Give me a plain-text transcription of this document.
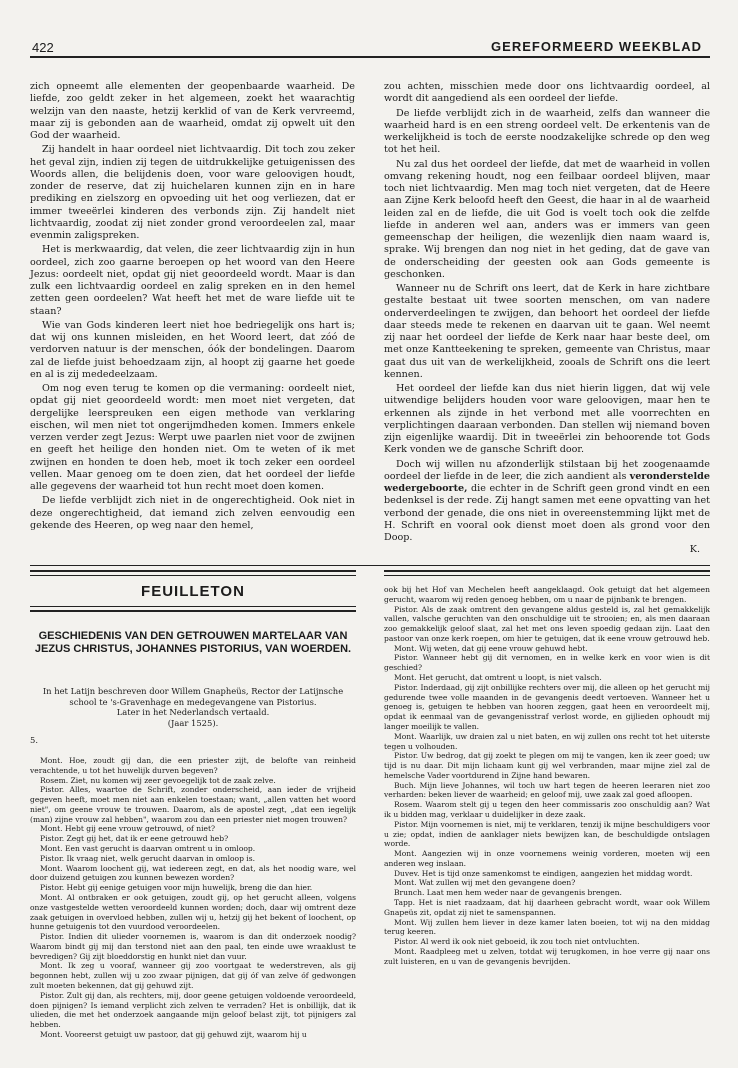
422	GEREFORMEERD WEEKBLAD

zich opneemt alle elementen der geopenbaarde waarheid. De liefde, zoo geldt zeker in het algemeen, zoekt het waarachtig welzijn van den naaste, hetzij kerklid of van de Kerk vervreemd, maar zij is gebonden aan de waarheid, omdat zij opwelt uit den God der waarheid.

Zij handelt in haar oordeel niet lichtvaardig. Dit toch zou zeker het geval zijn, indien zij tegen de uitdrukkelijke getuigenissen des Woords allen, die belijdenis doen, voor ware geloovigen houdt, zonder de reserve, dat zij huichelaren kunnen zijn en in hare prediking en zielszorg en opvoeding uit het oog verliezen, dat er immer tweeërlei kinderen des verbonds zijn. Zij handelt niet lichtvaardig, zoodat zij niet zonder grond veroordeelen zal, maar evenmin zaligspreken.

Het is merkwaardig, dat velen, die zeer lichtvaardig zijn in hun oordeel, zich zoo gaarne beroepen op het woord van den Heere Jezus: oordeelt niet, opdat gij niet geoordeeld wordt. Maar is dan zulk een lichtvaardig oordeel en zalig spreken en in den hemel zetten geen oordeelen? Wat heeft het met de ware liefde uit te staan?

Wie van Gods kinderen leert niet hoe bedriegelijk ons hart is; dat wij ons kunnen misleiden, en het Woord leert, dat zóó de verdorven natuur is der menschen, óók der bondelingen. Daarom zal de liefde juist behoedzaam zijn, al hoopt zij gaarne het goede en al is zij mededeelzaam.

Om nog even terug te komen op die vermaning: oordeelt niet, opdat gij niet geoordeeld wordt: men moet niet vergeten, dat dergelijke leerspreuken een eigen methode van verklaring eischen, wil men niet tot ongerijmdheden komen. Immers enkele verzen verder zegt Jezus: Werpt uwe paarlen niet voor de zwijnen en geeft het heilige den honden niet. Om te weten of ik met zwijnen en honden te doen heb, moet ik toch zeker een oordeel vellen. Maar genoeg om te doen zien, dat het oordeel der liefde alle gegevens der waarheid tot hun recht moet doen komen.

De liefde verblijdt zich niet in de ongerechtigheid. Ook niet in deze ongerechtigheid, dat iemand zich zelven eenvoudig een gekende des Heeren, op weg naar den hemel,

zou achten, misschien mede door ons lichtvaardig oordeel, al wordt dit aangediend als een oordeel der liefde.

De liefde verblijdt zich in de waarheid, zelfs dan wanneer die waarheid hard is en een streng oordeel velt. De erkentenis van de werkelijkheid is toch de eerste noodzakelijke schrede op den weg tot het heil.

Nu zal dus het oordeel der liefde, dat met de waarheid in vollen omvang rekening houdt, nog een feilbaar oordeel blijven, maar toch niet lichtvaardig. Men mag toch niet vergeten, dat de Heere aan Zijne Kerk beloofd heeft den Geest, die haar in al de waarheid leiden zal en de liefde, die uit God is voelt toch ook die zelfde liefde in anderen wel aan, anders was er immers van geen gemeenschap der heiligen, die wezenlijk dien naam waard is, sprake. Wij brengen dan nog niet in het geding, dat de gave van de onderscheiding der geesten ook aan Gods gemeente is geschonken.

Wanneer nu de Schrift ons leert, dat de Kerk in hare zichtbare gestalte bestaat uit twee soorten menschen, om van nadere onderverdeelingen te zwijgen, dan behoort het oordeel der liefde daar steeds mede te rekenen en daarvan uit te gaan. Wel neemt zij naar het oordeel der liefde de Kerk naar haar beste deel, om met onze Kantteekening te spreken, gemeente van Christus, maar gaat dus uit van de werkelijkheid, zooals de Schrift ons die leert kennen.

Het oordeel der liefde kan dus niet hierin liggen, dat wij vele uitwendige belijders houden voor ware geloovigen, maar hen te erkennen als zijnde in het verbond met alle voorrechten en verplichtingen daaraan verbonden. Dan stellen wij niemand boven zijn eigenlijke waardij. Dit in tweeërlei zin behoorende tot Gods Kerk vonden we de gansche Schrift door.

Doch wij willen nu afzonderlijk stilstaan bij het zoogenaamde oordeel der liefde in de leer, die zich aandient als veronderstelde wedergeboorte, die echter in de Schrift geen grond vindt en een bedenksel is der rede. Zij hangt samen met eene opvatting van het verbond der genade, die ons niet in overeenstemming lijkt met de H. Schrift en vooral ook dienst moet doen als grond voor den Doop.

K.
FEUILLETON
GESCHIEDENIS VAN DEN GETROUWEN MARTELAAR VAN JEZUS CHRISTUS, JOHANNES PISTORIUS, VAN WOERDEN.
In het Latijn beschreven door Willem Gnapheüs, Rector der Latijnsche school te 's-Gravenhage en medegevangene van Pistorius.
Later in het Nederlandsch vertaald.
(Jaar 1525).
5.

Mont. Hoe, zoudt gij dan, die een priester zijt, de belofte van reinheid verachtende, u tot het huwelijk durven begeven?

Rosem. Ziet, nu komen wij zeer gevoegelijk tot de zaak zelve.

Pistor. Alles, waartoe de Schrift, zonder onderscheid, aan ieder de vrijheid gegeven heeft, moet men niet aan enkelen toestaan; want, „allen vatten het woord niet", om geene vrouw te trouwen. Daarom, als de apostel zegt, „dat een iegelijk (man) zijne vrouw zal hebben", waarom zou dan een priester niet mogen trouwen?

Mont. Hebt gij eene vrouw getrouwd, of niet?

Pistor. Zegt gij het, dat ik er eene getrouwd heb?

Mont. Een vast gerucht is daarvan omtrent u in omloop.

Pistor. Ik vraag niet, welk gerucht daarvan in omloop is.

Mont. Waarom loochent gij, wat iedereen zegt, en dat, als het noodig ware, wel door duizend getuigen zou kunnen bewezen worden?

Pistor. Hebt gij eenige getuigen voor mijn huwelijk, breng die dan hier.

Mont. Al ontbraken er ook getuigen, zoudt gij, op het gerucht alleen, volgens onze vastgestelde wetten veroordeeld kunnen worden; doch, daar wij omtrent deze zaak getuigen in overvloed hebben, zullen wij u, hetzij gij het bekent of loochent, op hunne getuigenis tot den vuurdood veroordeelen.

Pistor. Indien dit ulieder voornemen is, waarom is dan dit onderzoek noodig? Waarom bindt gij mij dan terstond niet aan den paal, ten einde uwe wraaklust te bevredigen? Gij zijt bloeddorstig en hunkt niet dan vuur.

Mont. Ik zeg u vooraf, wanneer gij zoo voortgaat te wederstreven, als gij begonnen hebt, zullen wij u zoo zwaar pijnigen, dat gij óf van zelve óf gedwongen zult moeten bekennen, dat gij gehuwd zijt.

Pistor. Zult gij dan, als rechters, mij, door geene getuigen voldoende veroordeeld, doen pijnigen? Is iemand verplicht zich zelven te verraden? Het is onbillijk, dat ik ulieden, die met het onderzoek aangaande mijn geloof belast zijt, tot pijnigers zal hebben.

Mont. Vooreerst getuigt uw pastoor, dat gij gehuwd zijt, waarom hij u

ook bij het Hof van Mechelen heeft aangeklaagd. Ook getuigt dat het algemeen gerucht, waarom wij reden genoeg hebben, om u naar de pijnbank te brengen.

Pistor. Als de zaak omtrent den gevangene aldus gesteld is, zal het gemakkelijk vallen, valsche geruchten van den onschuldige uit te strooien; en, als men daaraan zoo gemakkelijk geloof slaat, zal het met ons leven spoedig gedaan zijn. Laat den pastoor van onze kerk roepen, om hier te getuigen, dat ik eene vrouw getrouwd heb.

Mont. Wij weten, dat gij eene vrouw gehuwd hebt.

Pistor. Wanneer hebt gij dit vernomen, en in welke kerk en voor wien is dit geschied?

Mont. Het gerucht, dat omtrent u loopt, is niet valsch.

Pistor. Inderdaad, gij zijt onbillijke rechters over mij, die alleen op het gerucht mij gedurende twee volle maanden in de gevangenis deedt vertoeven. Wanneer het u genoeg is, getuigen te hebben van hooren zeggen, gaat heen en veroordeelt mij, opdat ik eenmaal van de gevangenisstraf verlost worde, en gijlieden ophoudt mij langer moeilijk te vallen.

Mont. Waarlijk, uw draien zal u niet baten, en wij zullen ons recht tot het uiterste tegen u volhouden.

Pistor. Uw bedrog, dat gij zoekt te plegen om mij te vangen, ken ik zeer goed; uw tijd is nu daar. Dit mijn lichaam kunt gij wel verbranden, maar mijne ziel zal de hemelsche Vader voortdurend in Zijne hand bewaren.

Buch. Mijn lieve Johannes, wil toch uw hart tegen de heeren leeraren niet zoo verharden: beken liever de waarheid; en geloof mij, uwe zaak zal goed afloopen.

Rosem. Waarom stelt gij u tegen den heer commissaris zoo onschuldig aan? Wat ik u bidden mag, verklaar u duidelijker in deze zaak.

Pistor. Mijn voornemen is niet, mij te verklaren, tenzij ik mijne beschuldigers voor u zie; opdat, indien de aanklager niets bewijzen kan, de beschuldigde ontslagen worde.

Mont. Aangezien wij in onze voornemens weinig vorderen, moeten wij een anderen weg inslaan.

Duvev. Het is tijd onze samenkomst te eindigen, aangezien het middag wordt.

Mont. Wat zullen wij met den gevangene doen?

Brunch. Laat men hem weder naar de gevangenis brengen.

Tapp. Het is niet raadzaam, dat hij daarheen gebracht wordt, waar ook Willem Gnapeüs zit, opdat zij niet te samenspannen.

Mont. Wij zullen hem liever in deze kamer laten boeien, tot wij na den middag terug keeren.

Pistor. Al werd ik ook niet geboeid, ik zou toch niet ontvluchten.

Mont. Raadpleeg met u zelven, totdat wij terugkomen, in hoe verre gij naar ons zult luisteren, en u van de gevangenis bevrijden.
